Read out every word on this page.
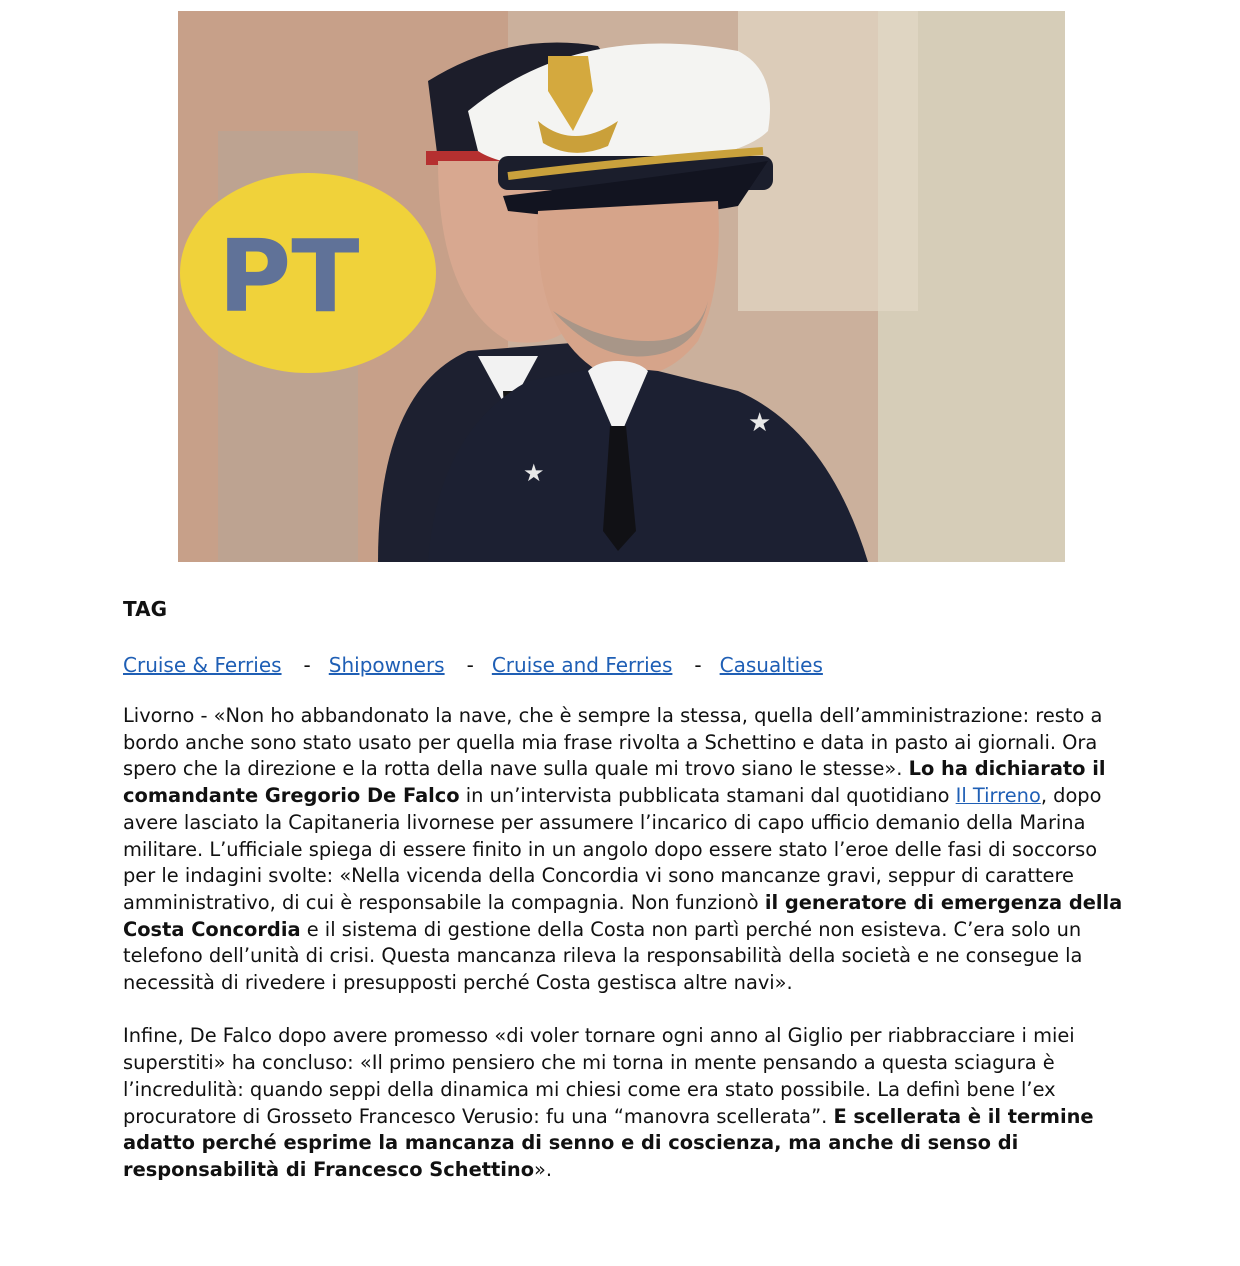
PT
★
★
TAG
Cruise & Ferries - Shipowners - Cruise and Ferries - Casualties

Livorno - «Non ho abbandonato la nave, che è sempre la stessa, quella dell’amministrazione: resto a bordo anche sono stato usato per quella mia frase rivolta a Schettino e data in pasto ai giornali. Ora spero che la direzione e la rotta della nave sulla quale mi trovo siano le stesse». Lo ha dichiarato il comandante Gregorio De Falco in un’intervista pubblicata stamani dal quotidiano Il Tirreno, dopo avere lasciato la Capitaneria livornese per assumere l’incarico di capo ufficio demanio della Marina militare. L’ufficiale spiega di essere finito in un angolo dopo essere stato l’eroe delle fasi di soccorso per le indagini svolte: «Nella vicenda della Concordia vi sono mancanze gravi, seppur di carattere amministrativo, di cui è responsabile la compagnia. Non funzionò il generatore di emergenza della Costa Concordia e il sistema di gestione della Costa non partì perché non esisteva. C’era solo un telefono dell’unità di crisi. Questa mancanza rileva la responsabilità della società e ne consegue la necessità di rivedere i presupposti perché Costa gestisca altre navi».

Infine, De Falco dopo avere promesso «di voler tornare ogni anno al Giglio per riabbracciare i miei superstiti» ha concluso: «Il primo pensiero che mi torna in mente pensando a questa sciagura è l’incredulità: quando seppi della dinamica mi chiesi come era stato possibile. La definì bene l’ex procuratore di Grosseto Francesco Verusio: fu una “manovra scellerata”. E scellerata è il termine adatto perché esprime la mancanza di senno e di coscienza, ma anche di senso di responsabilità di Francesco Schettino».
